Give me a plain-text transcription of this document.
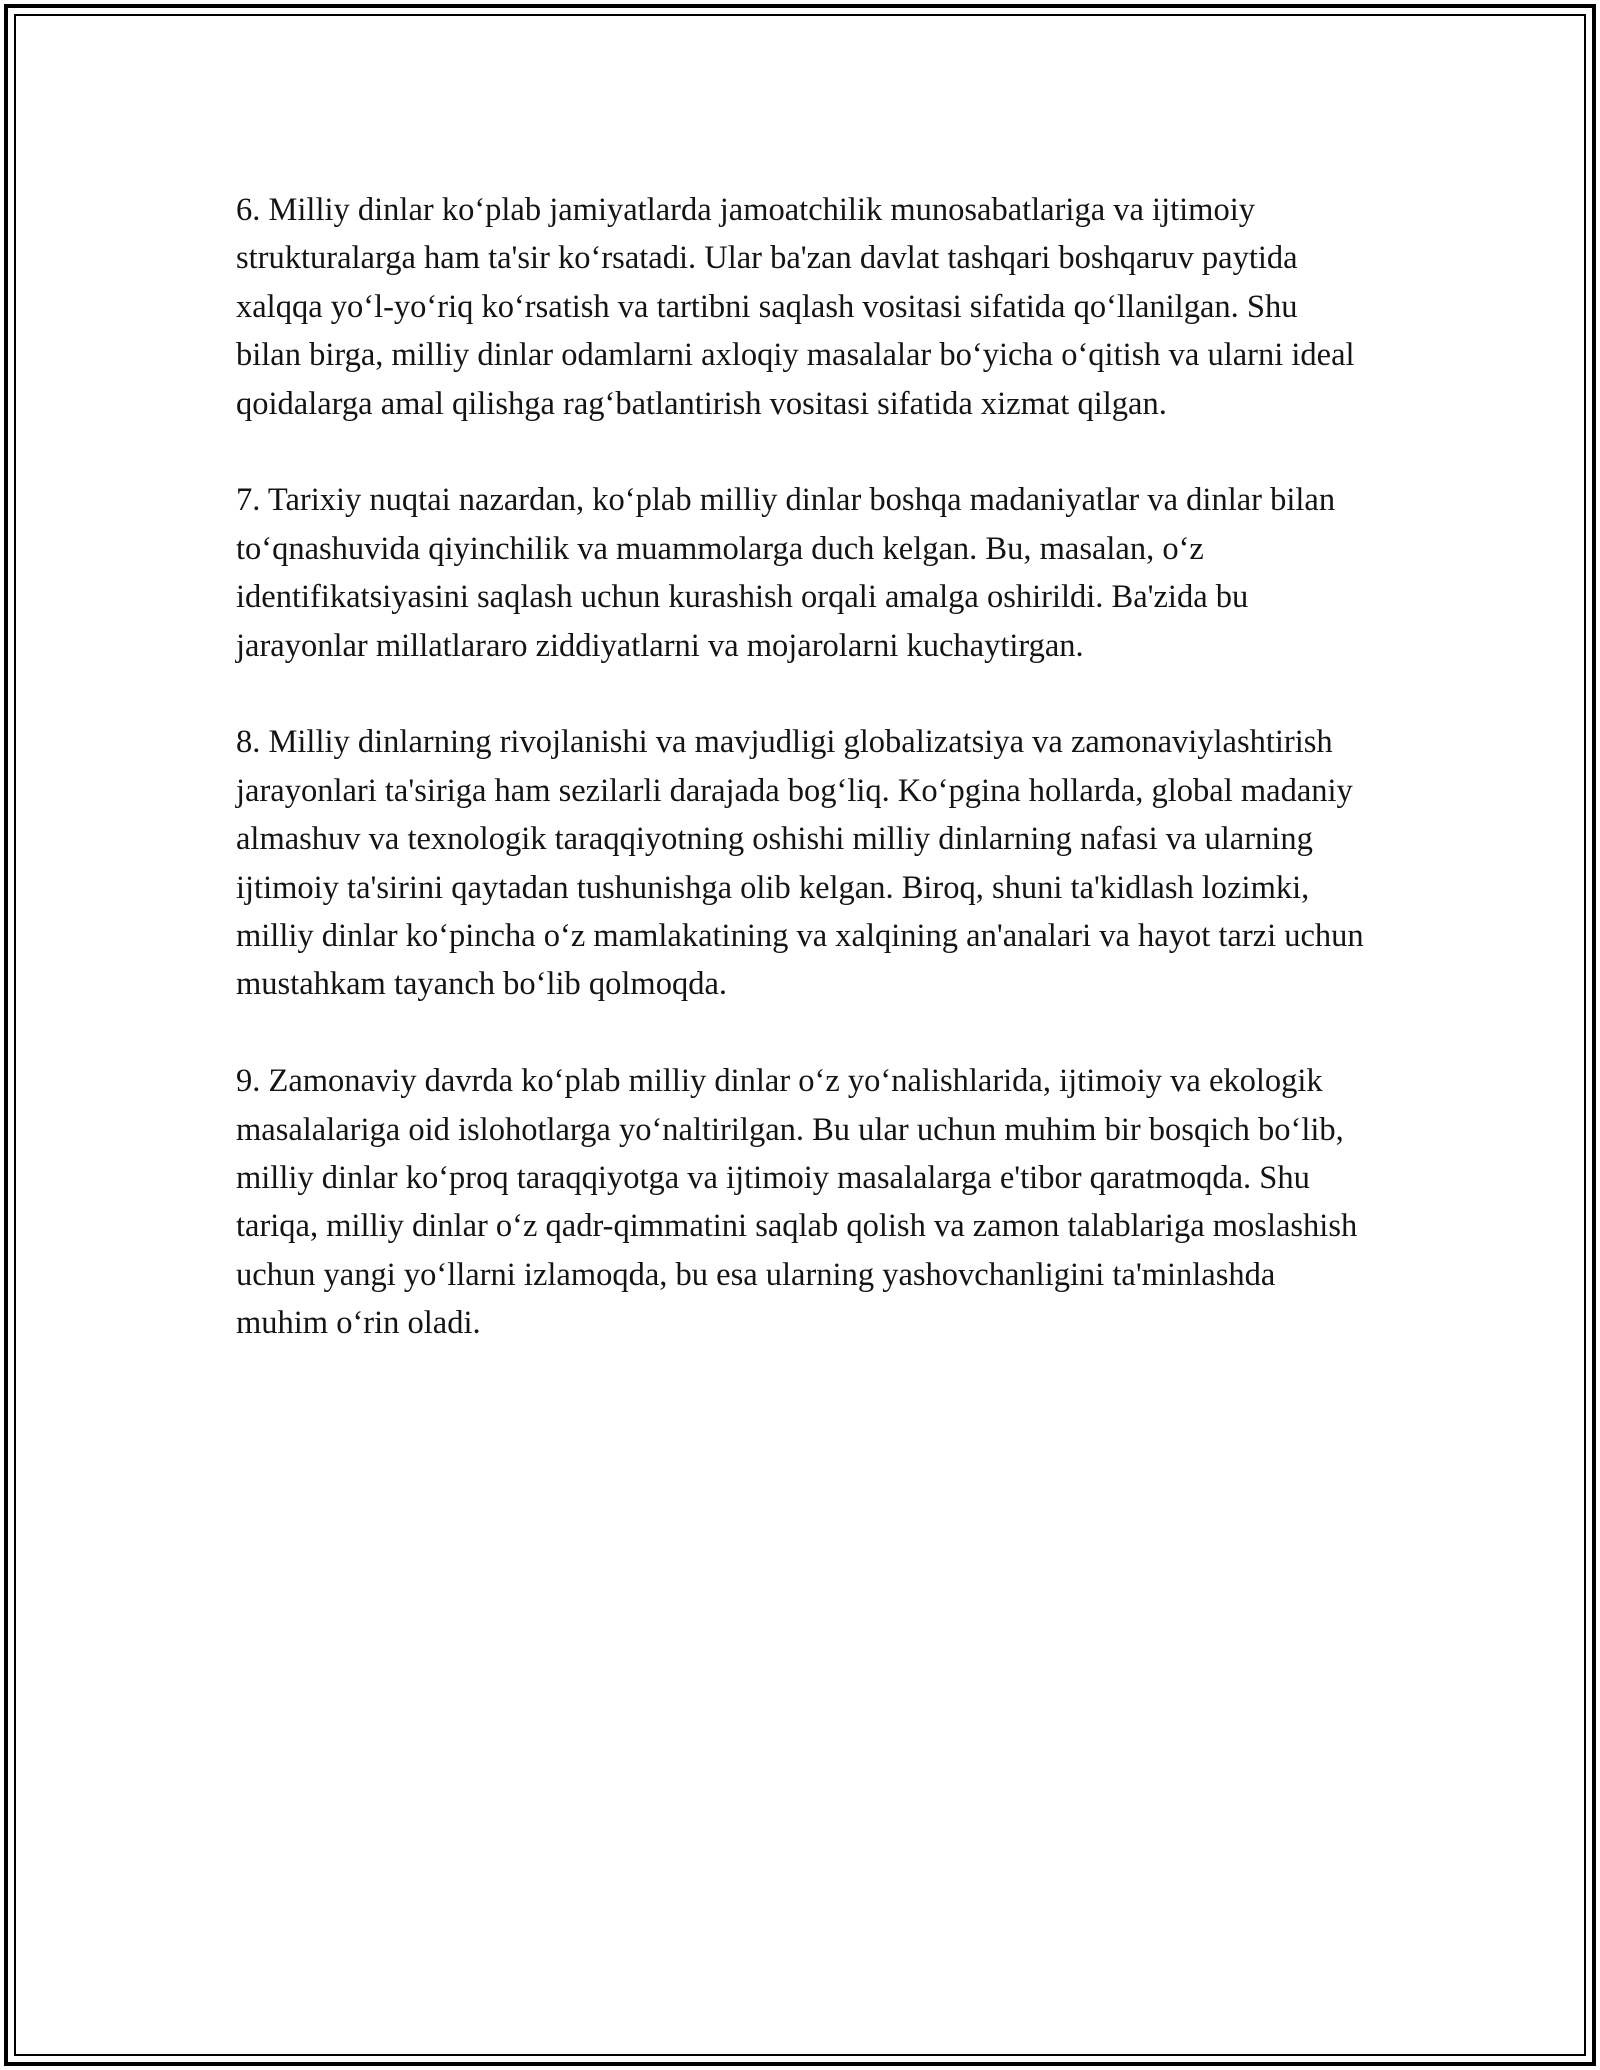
6. Milliy dinlar ko‘plab jamiyatlarda jamoatchilik munosabatlariga va ijtimoiy strukturalarga ham ta'sir ko‘rsatadi. Ular ba'zan davlat tashqari boshqaruv paytida xalqqa yo‘l-yo‘riq ko‘rsatish va tartibni saqlash vositasi sifatida qo‘llanilgan. Shu bilan birga, milliy dinlar odamlarni axloqiy masalalar bo‘yicha o‘qitish va ularni ideal qoidalarga amal qilishga rag‘batlantirish vositasi sifatida xizmat qilgan.

7. Tarixiy nuqtai nazardan, ko‘plab milliy dinlar boshqa madaniyatlar va dinlar bilan to‘qnashuvida qiyinchilik va muammolarga duch kelgan. Bu, masalan, o‘z identifikatsiyasini saqlash uchun kurashish orqali amalga oshirildi. Ba'zida bu jarayonlar millatlararo ziddiyatlarni va mojarolarni kuchaytirgan.

8. Milliy dinlarning rivojlanishi va mavjudligi globalizatsiya va zamonaviylashtirish jarayonlari ta'siriga ham sezilarli darajada bog‘liq. Ko‘pgina hollarda, global madaniy almashuv va texnologik taraqqiyotning oshishi milliy dinlarning nafasi va ularning ijtimoiy ta'sirini qaytadan tushunishga olib kelgan. Biroq, shuni ta'kidlash lozimki, milliy dinlar ko‘pincha o‘z mamlakatining va xalqining an'analari va hayot tarzi uchun mustahkam tayanch bo‘lib qolmoqda.

9. Zamonaviy davrda ko‘plab milliy dinlar o‘z yo‘nalishlarida, ijtimoiy va ekologik masalalariga oid islohotlarga yo‘naltirilgan. Bu ular uchun muhim bir bosqich bo‘lib, milliy dinlar ko‘proq taraqqiyotga va ijtimoiy masalalarga e'tibor qaratmoqda. Shu tariqa, milliy dinlar o‘z qadr-qimmatini saqlab qolish va zamon talablariga moslashish uchun yangi yo‘llarni izlamoqda, bu esa ularning yashovchanligini ta'minlashda muhim o‘rin oladi.
